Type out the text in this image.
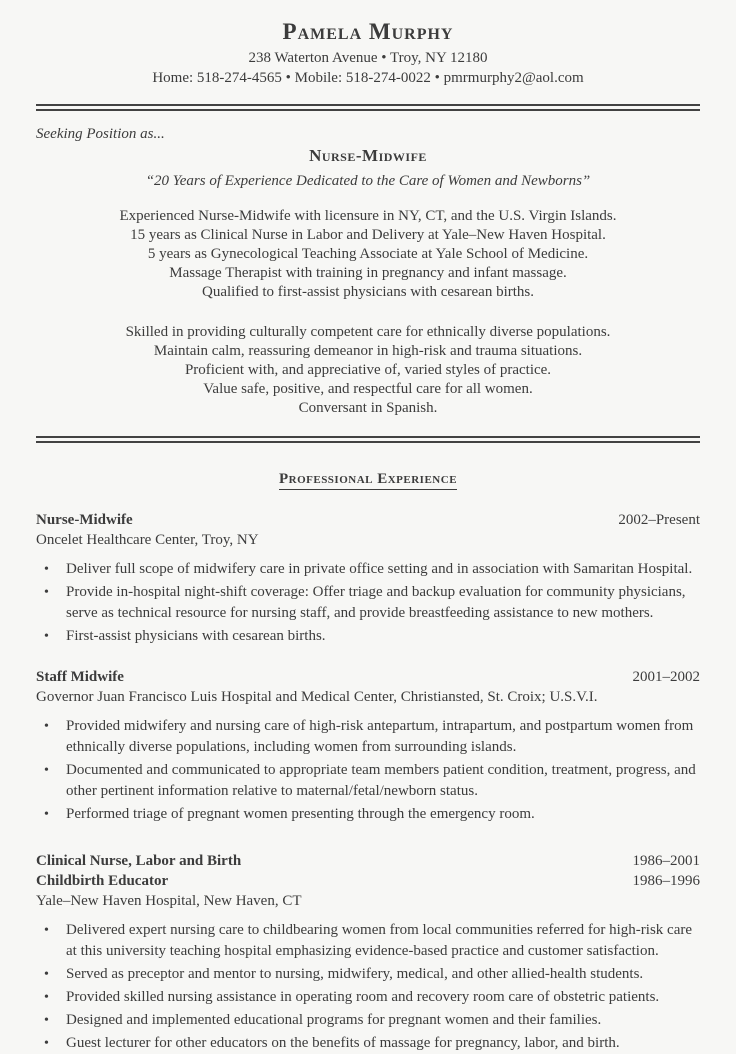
Pamela Murphy
238 Waterton Avenue • Troy, NY 12180
Home: 518-274-4565 • Mobile: 518-274-0022 • pmrmurphy2@aol.com
Seeking Position as...
Nurse-Midwife
“20 Years of Experience Dedicated to the Care of Women and Newborns”
Experienced Nurse-Midwife with licensure in NY, CT, and the U.S. Virgin Islands.
15 years as Clinical Nurse in Labor and Delivery at Yale–New Haven Hospital.
5 years as Gynecological Teaching Associate at Yale School of Medicine.
Massage Therapist with training in pregnancy and infant massage.
Qualified to first-assist physicians with cesarean births.
Skilled in providing culturally competent care for ethnically diverse populations.
Maintain calm, reassuring demeanor in high-risk and trauma situations.
Proficient with, and appreciative of, varied styles of practice.
Value safe, positive, and respectful care for all women.
Conversant in Spanish.
Professional Experience
Nurse-Midwife	2002–Present
Oncelet Healthcare Center, Troy, NY
• Deliver full scope of midwifery care in private office setting and in association with Samaritan Hospital.
• Provide in-hospital night-shift coverage: Offer triage and backup evaluation for community physicians, serve as technical resource for nursing staff, and provide breastfeeding assistance to new mothers.
• First-assist physicians with cesarean births.
Staff Midwife	2001–2002
Governor Juan Francisco Luis Hospital and Medical Center, Christiansted, St. Croix; U.S.V.I.
• Provided midwifery and nursing care of high-risk antepartum, intrapartum, and postpartum women from ethnically diverse populations, including women from surrounding islands.
• Documented and communicated to appropriate team members patient condition, treatment, progress, and other pertinent information relative to maternal/fetal/newborn status.
• Performed triage of pregnant women presenting through the emergency room.
Clinical Nurse, Labor and Birth	1986–2001
Childbirth Educator	1986–1996
Yale–New Haven Hospital, New Haven, CT
• Delivered expert nursing care to childbearing women from local communities referred for high-risk care at this university teaching hospital emphasizing evidence-based practice and customer satisfaction.
• Served as preceptor and mentor to nursing, midwifery, medical, and other allied-health students.
• Provided skilled nursing assistance in operating room and recovery room care of obstetric patients.
• Designed and implemented educational programs for pregnant women and their families.
• Guest lecturer for other educators on the benefits of massage for pregnancy, labor, and birth.
